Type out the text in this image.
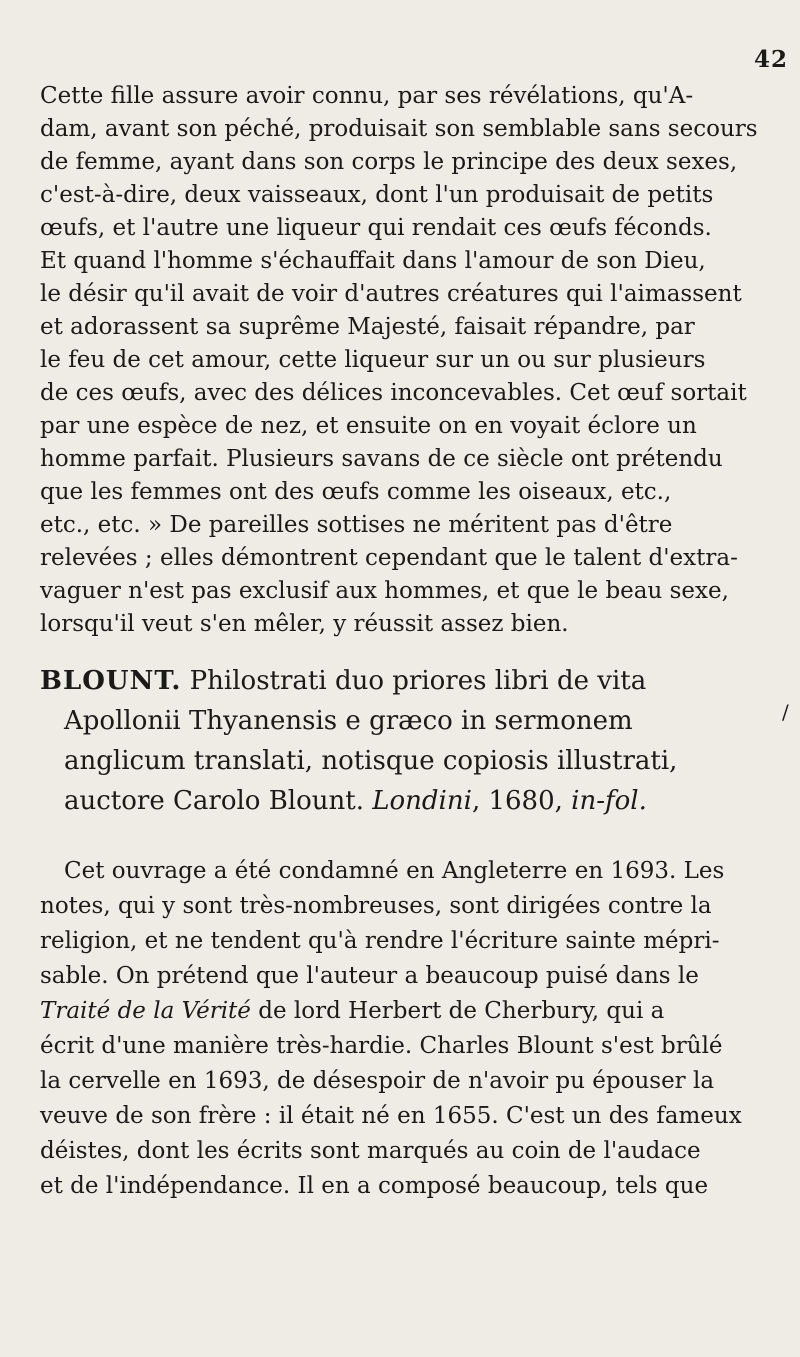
42
/
Cette fille assure avoir connu, par ses révélations, qu'A-
dam, avant son péché, produisait son semblable sans secours
de femme, ayant dans son corps le principe des deux sexes,
c'est-à-dire, deux vaisseaux, dont l'un produisait de petits
œufs, et l'autre une liqueur qui rendait ces œufs féconds.
Et quand l'homme s'échauffait dans l'amour de son Dieu,
le désir qu'il avait de voir d'autres créatures qui l'aimassent
et adorassent sa suprême Majesté, faisait répandre, par
le feu de cet amour, cette liqueur sur un ou sur plusieurs
de ces œufs, avec des délices inconcevables. Cet œuf sortait
par une espèce de nez, et ensuite on en voyait éclore un
homme parfait. Plusieurs savans de ce siècle ont prétendu
que les femmes ont des œufs comme les oiseaux, etc.,
etc., etc. » De pareilles sottises ne méritent pas d'être
relevées ; elles démontrent cependant que le talent d'extra-
vaguer n'est pas exclusif aux hommes, et que le beau sexe,
lorsqu'il veut s'en mêler, y réussit assez bien.
BLOUNT. Philostrati duo priores libri de vita
Apollonii Thyanensis e græco in sermonem
anglicum translati, notisque copiosis illustrati,
auctore Carolo Blount. Londini, 1680, in-fol.
Cet ouvrage a été condamné en Angleterre en 1693. Les
notes, qui y sont très-nombreuses, sont dirigées contre la
religion, et ne tendent qu'à rendre l'écriture sainte mépri-
sable. On prétend que l'auteur a beaucoup puisé dans le
Traité de la Vérité de lord Herbert de Cherbury, qui a
écrit d'une manière très-hardie. Charles Blount s'est brûlé
la cervelle en 1693, de désespoir de n'avoir pu épouser la
veuve de son frère : il était né en 1655. C'est un des fameux
déistes, dont les écrits sont marqués au coin de l'audace
et de l'indépendance. Il en a composé beaucoup, tels que
